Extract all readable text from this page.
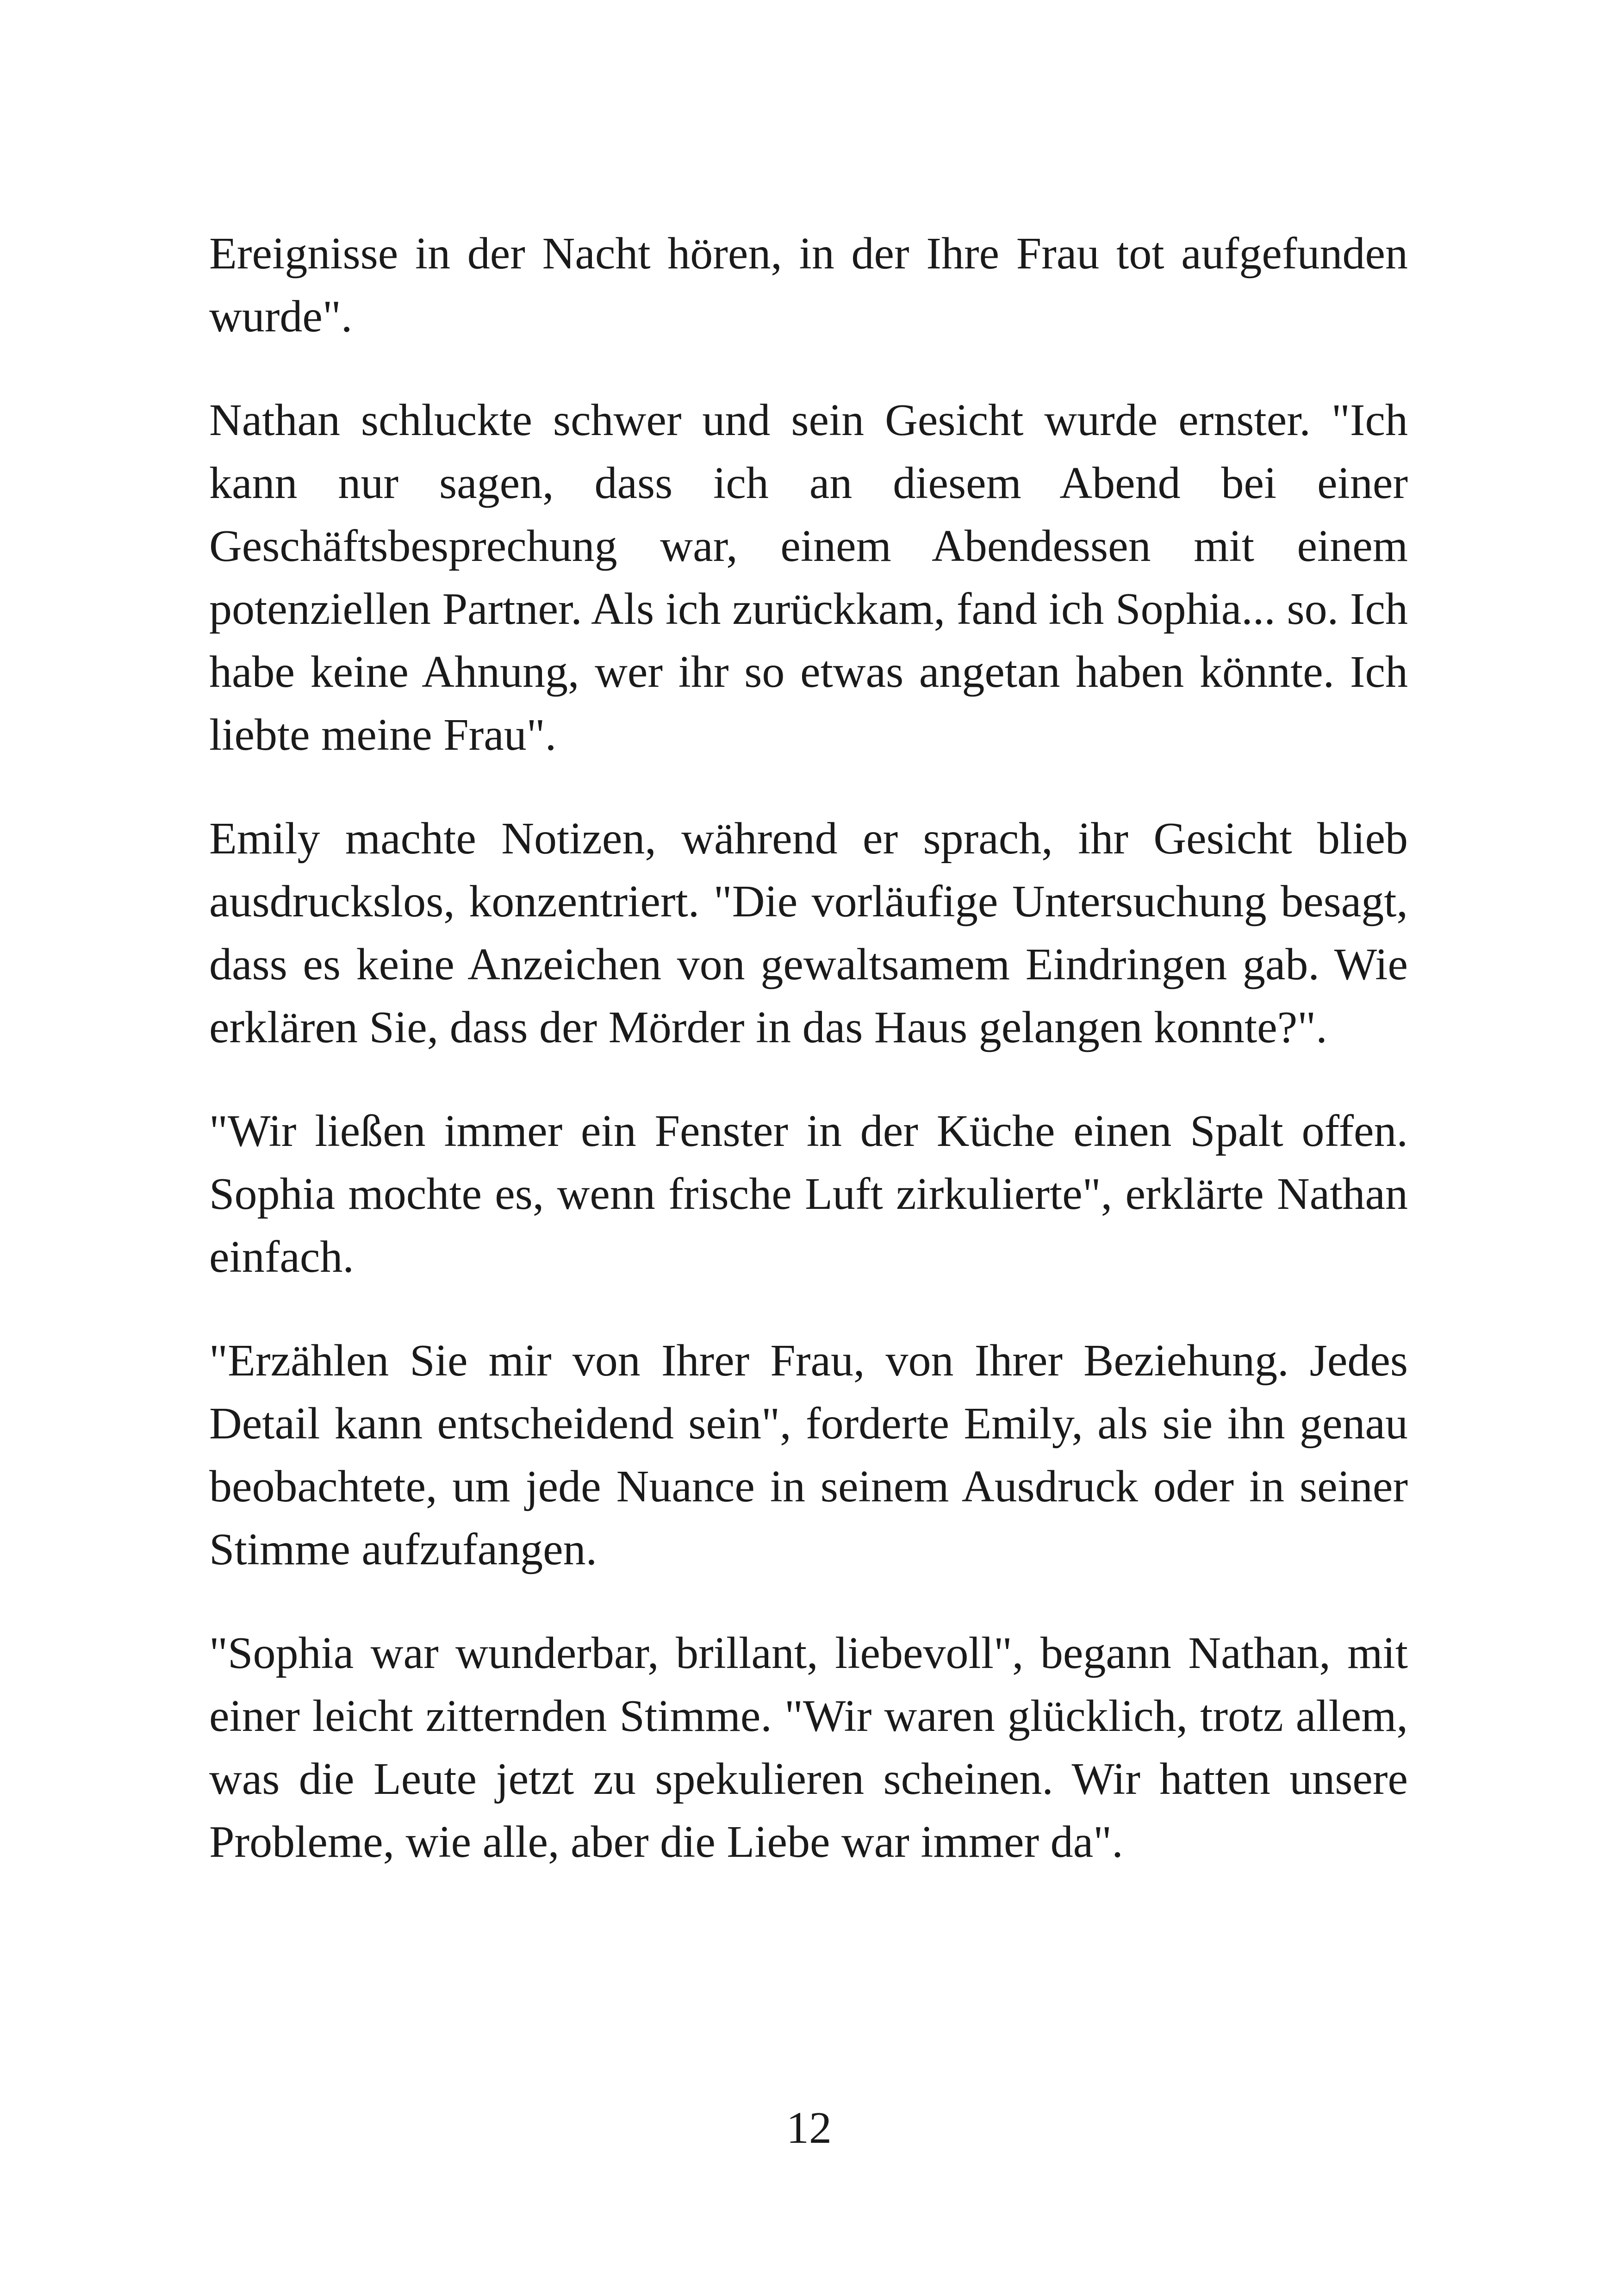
Ereignisse in der Nacht hören, in der Ihre Frau tot aufgefunden wurde".

Nathan schluckte schwer und sein Gesicht wurde ernster. "Ich kann nur sagen, dass ich an diesem Abend bei einer Geschäftsbesprechung war, einem Abendessen mit einem potenziellen Partner. Als ich zurückkam, fand ich Sophia... so. Ich habe keine Ahnung, wer ihr so etwas angetan haben könnte. Ich liebte meine Frau".

Emily machte Notizen, während er sprach, ihr Gesicht blieb ausdruckslos, konzentriert. "Die vorläufige Untersuchung besagt, dass es keine Anzeichen von gewaltsamem Eindringen gab. Wie erklären Sie, dass der Mörder in das Haus gelangen konnte?".

"Wir ließen immer ein Fenster in der Küche einen Spalt offen. Sophia mochte es, wenn frische Luft zirkulierte", erklärte Nathan einfach.

"Erzählen Sie mir von Ihrer Frau, von Ihrer Beziehung. Jedes Detail kann entscheidend sein", forderte Emily, als sie ihn genau beobachtete, um jede Nuance in seinem Ausdruck oder in seiner Stimme aufzufangen.

"Sophia war wunderbar, brillant, liebevoll", begann Nathan, mit einer leicht zitternden Stimme. "Wir waren glücklich, trotz allem, was die Leute jetzt zu spekulieren scheinen. Wir hatten unsere Probleme, wie alle, aber die Liebe war immer da".

12
